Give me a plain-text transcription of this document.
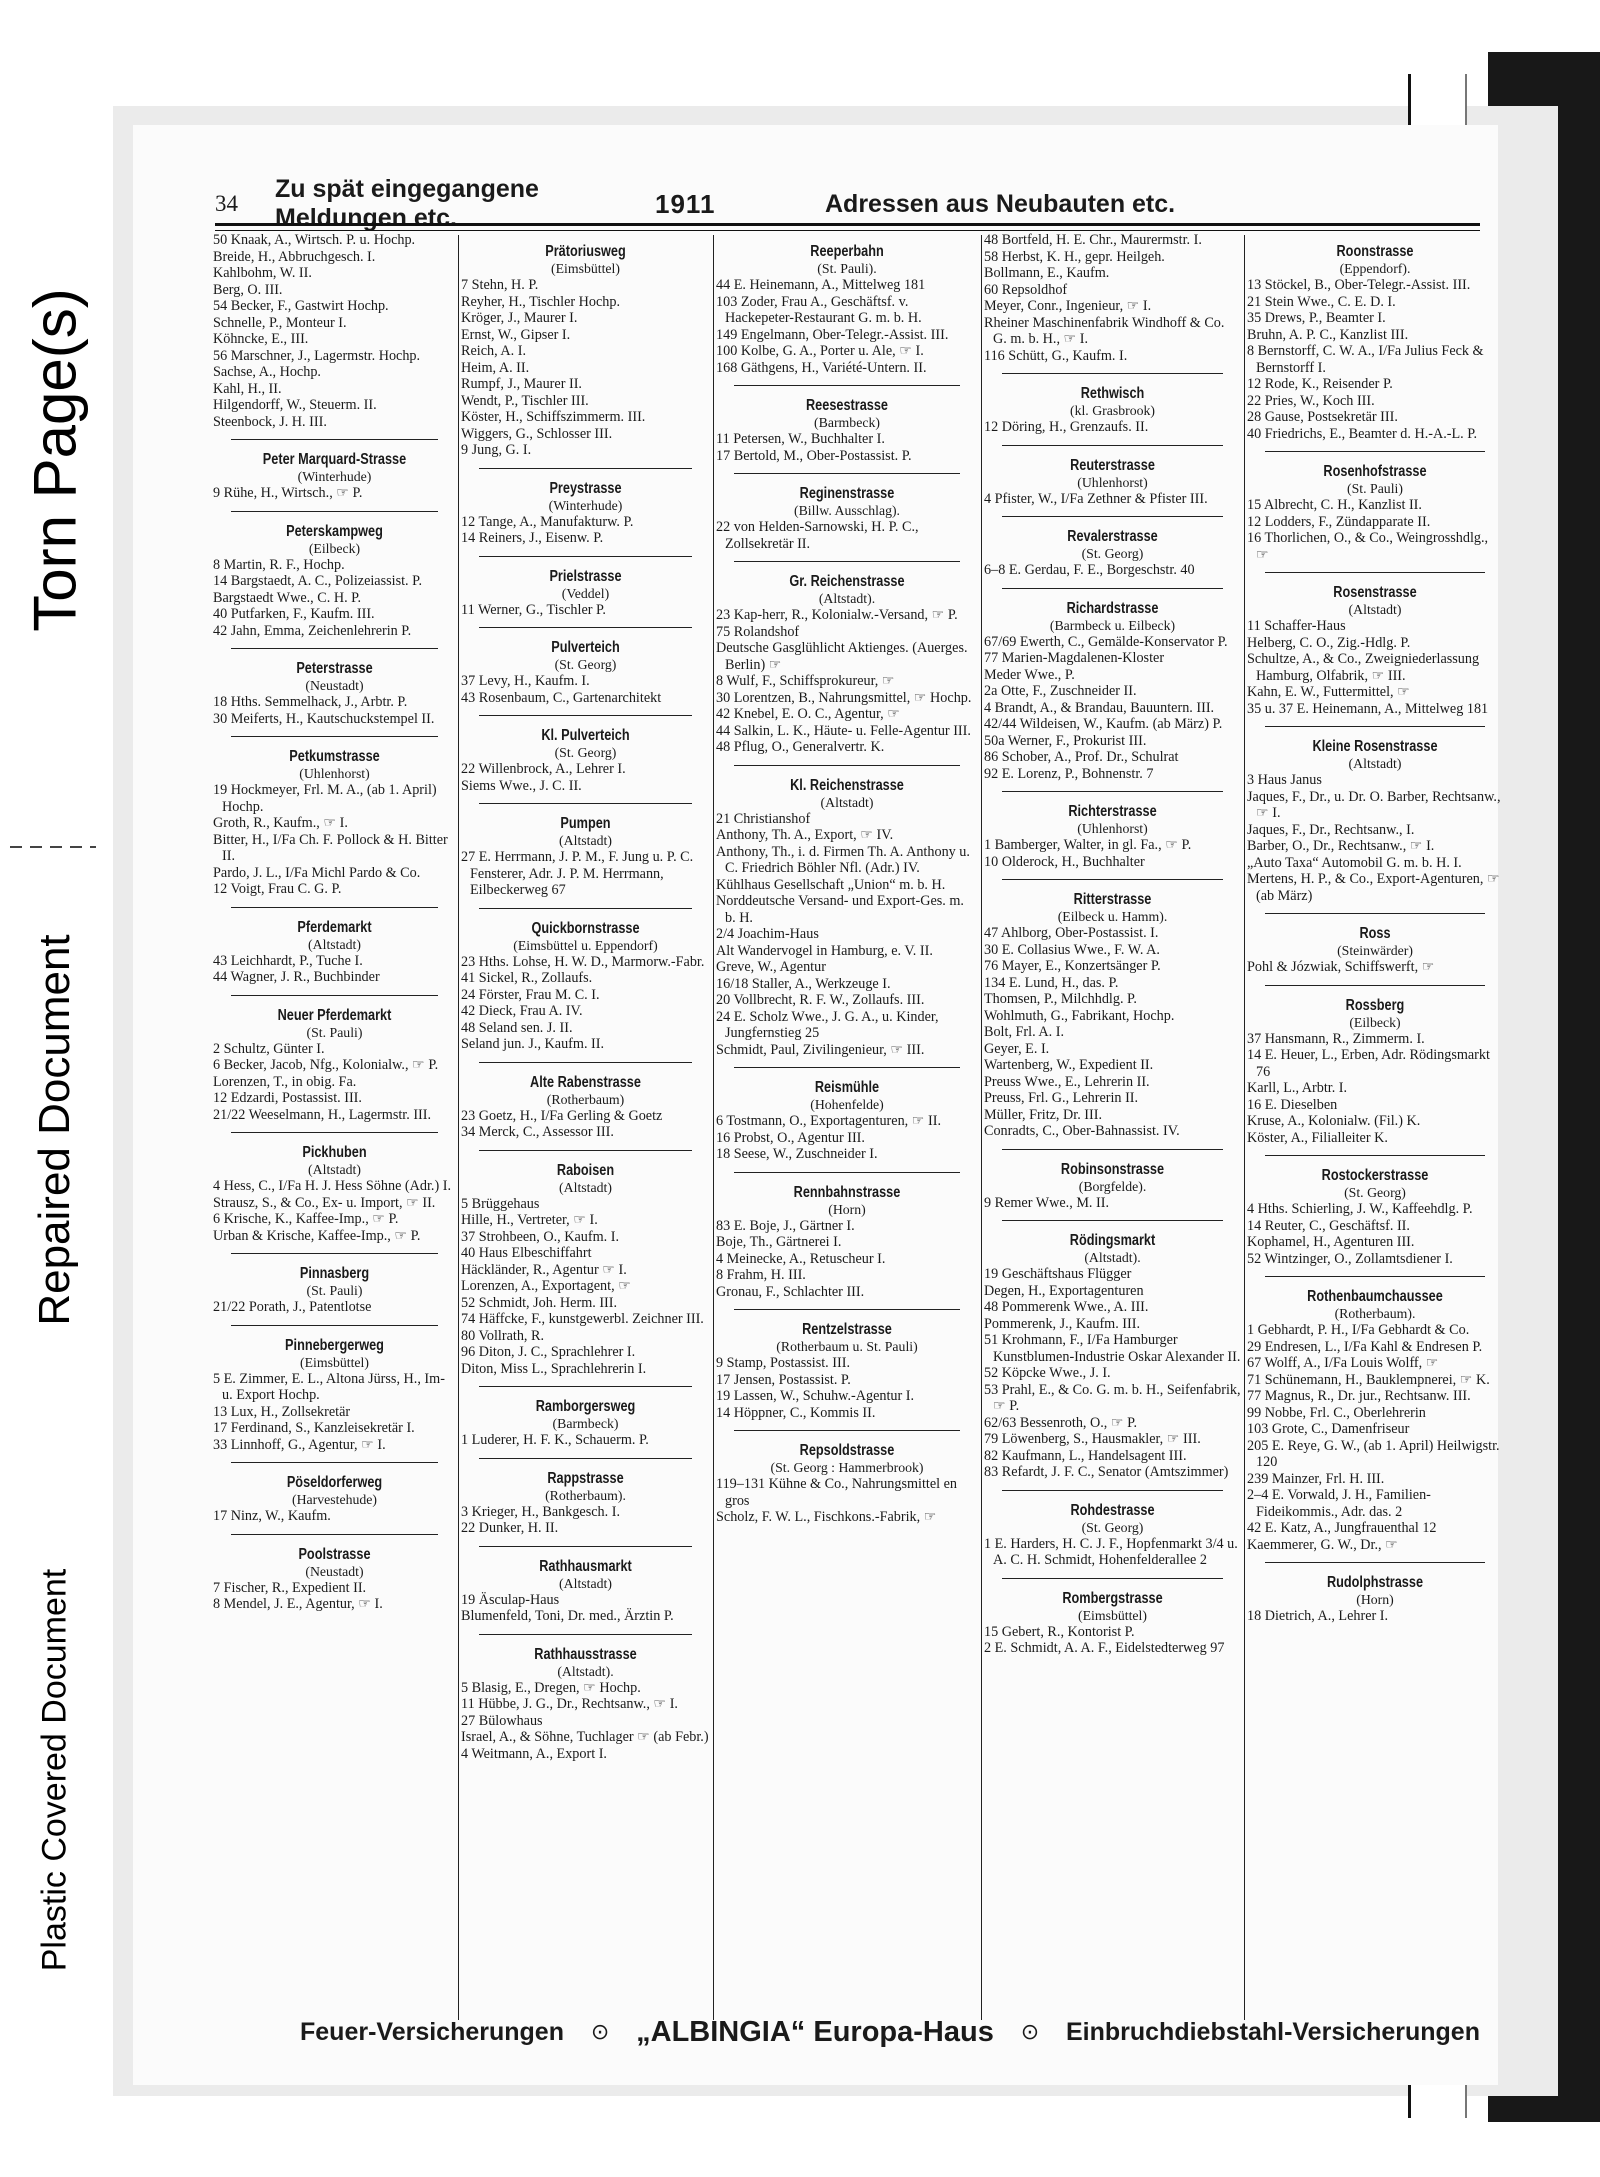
Torn Page(s)
Repaired Document
Plastic Covered Document
34
Zu spät eingegangene Meldungen etc.	1911	Adressen aus Neubauten etc.
50 Knaak, A., Wirtsch. P. u. Hochp.
Breide, H., Abbruchgesch. I.
Kahlbohm, W. II.
Berg, O. III.
54 Becker, F., Gastwirt Hochp.
Schnelle, P., Monteur I.
Köhncke, E., III.
56 Marschner, J., Lagermstr. Hochp.
Sachse, A., Hochp.
Kahl, H., II.
Hilgendorff, W., Steuerm. II.
Steenbock, J. H. III.
Peter Marquard-Strasse
(Winterhude)
9 Rühe, H., Wirtsch., ☞ P.
Peterskampweg
(Eilbeck)
8 Martin, R. F., Hochp.
14 Bargstaedt, A. C., Polizeiassist. P.
Bargstaedt Wwe., C. H. P.
40 Putfarken, F., Kaufm. III.
42 Jahn, Emma, Zeichenlehrerin P.
Peterstrasse
(Neustadt)
18 Hths. Semmelhack, J., Arbtr. P.
30 Meiferts, H., Kautschuckstempel II.
Petkumstrasse
(Uhlenhorst)
19 Hockmeyer, Frl. M. A., (ab 1. April) Hochp.
Groth, R., Kaufm., ☞ I.
Bitter, H., I/Fa Ch. F. Pollock & H. Bitter II.
Pardo, J. L., I/Fa Michl Pardo & Co.
12 Voigt, Frau C. G. P.
Pferdemarkt
(Altstadt)
43 Leichhardt, P., Tuche I.
44 Wagner, J. R., Buchbinder
Neuer Pferdemarkt
(St. Pauli)
2 Schultz, Günter I.
6 Becker, Jacob, Nfg., Kolonialw., ☞ P.
Lorenzen, T., in obig. Fa.
12 Edzardi, Postassist. III.
21/22 Weeselmann, H., Lagermstr. III.
Pickhuben
(Altstadt)
4 Hess, C., I/Fa H. J. Hess Söhne (Adr.) I.
Strausz, S., & Co., Ex- u. Import, ☞ II.
6 Krische, K., Kaffee-Imp., ☞ P.
Urban & Krische, Kaffee-Imp., ☞ P.
Pinnasberg
(St. Pauli)
21/22 Porath, J., Patentlotse
Pinnebergerweg
(Eimsbüttel)
5 E. Zimmer, E. L., Altona Jürss, H., Im- u. Export Hochp.
13 Lux, H., Zollsekretär
17 Ferdinand, S., Kanzleisekretär I.
33 Linnhoff, G., Agentur, ☞ I.
Pöseldorferweg
(Harvestehude)
17 Ninz, W., Kaufm.
Poolstrasse
(Neustadt)
7 Fischer, R., Expedient II.
8 Mendel, J. E., Agentur, ☞ I.
Prätoriusweg
(Eimsbüttel)
7 Stehn, H. P.
Reyher, H., Tischler Hochp.
Kröger, J., Maurer I.
Ernst, W., Gipser I.
Reich, A. I.
Heim, A. II.
Rumpf, J., Maurer II.
Wendt, P., Tischler III.
Köster, H., Schiffszimmerm. III.
Wiggers, G., Schlosser III.
9 Jung, G. I.
Preystrasse
(Winterhude)
12 Tange, A., Manufakturw. P.
14 Reiners, J., Eisenw. P.
Prielstrasse
(Veddel)
11 Werner, G., Tischler P.
Pulverteich
(St. Georg)
37 Levy, H., Kaufm. I.
43 Rosenbaum, C., Gartenarchitekt
Kl. Pulverteich
(St. Georg)
22 Willenbrock, A., Lehrer I.
Siems Wwe., J. C. II.
Pumpen
(Altstadt)
27 E. Herrmann, J. P. M., F. Jung u. P. C. Fensterer, Adr. J. P. M. Herrmann, Eilbeckerweg 67
Quickbornstrasse
(Eimsbüttel u. Eppendorf)
23 Hths. Lohse, H. W. D., Marmorw.-Fabr.
41 Sickel, R., Zollaufs.
24 Förster, Frau M. C. I.
42 Dieck, Frau A. IV.
48 Seland sen. J. II.
Seland jun. J., Kaufm. II.
Alte Rabenstrasse
(Rotherbaum)
23 Goetz, H., I/Fa Gerling & Goetz
34 Merck, C., Assessor III.
Raboisen
(Altstadt)
5 Brüggehaus
Hille, H., Vertreter, ☞ I.
37 Strohbeen, O., Kaufm. I.
40 Haus Elbeschiffahrt
Häckländer, R., Agentur ☞ I.
Lorenzen, A., Exportagent, ☞
52 Schmidt, Joh. Herm. III.
74 Häffcke, F., kunstgewerbl. Zeichner III.
80 Vollrath, R.
96 Diton, J. C., Sprachlehrer I.
Diton, Miss L., Sprachlehrerin I.
Ramborgersweg
(Barmbeck)
1 Luderer, H. F. K., Schauerm. P.
Rappstrasse
(Rotherbaum).
3 Krieger, H., Bankgesch. I.
22 Dunker, H. II.
Rathhausmarkt
(Altstadt)
19 Äsculap-Haus
Blumenfeld, Toni, Dr. med., Ärztin P.
Rathhausstrasse
(Altstadt).
5 Blasig, E., Dregen, ☞ Hochp.
11 Hübbe, J. G., Dr., Rechtsanw., ☞ I.
27 Bülowhaus
Israel, A., & Söhne, Tuchlager ☞ (ab Febr.)
4 Weitmann, A., Export I.
Reeperbahn
(St. Pauli).
44 E. Heinemann, A., Mittelweg 181
103 Zoder, Frau A., Geschäftsf. v. Hackepeter-Restaurant G. m. b. H.
149 Engelmann, Ober-Telegr.-Assist. III.
100 Kolbe, G. A., Porter u. Ale, ☞ I.
168 Gäthgens, H., Variété-Untern. II.
Reesestrasse
(Barmbeck)
11 Petersen, W., Buchhalter I.
17 Bertold, M., Ober-Postassist. P.
Reginenstrasse
(Billw. Ausschlag).
22 von Helden-Sarnowski, H. P. C., Zollsekretär II.
Gr. Reichenstrasse
(Altstadt).
23 Kap-herr, R., Kolonialw.-Versand, ☞ P.
75 Rolandshof
Deutsche Gasglühlicht Aktienges. (Auerges. Berlin) ☞
8 Wulf, F., Schiffsprokureur, ☞
30 Lorentzen, B., Nahrungsmittel, ☞ Hochp.
42 Knebel, E. O. C., Agentur, ☞
44 Salkin, L. K., Häute- u. Felle-Agentur III.
48 Pflug, O., Generalvertr. K.
Kl. Reichenstrasse
(Altstadt)
21 Christianshof
Anthony, Th. A., Export, ☞ IV.
Anthony, Th., i. d. Firmen Th. A. Anthony u. C. Friedrich Böhler Nfl. (Adr.) IV.
Kühlhaus Gesellschaft „Union“ m. b. H.
Norddeutsche Versand- und Export-Ges. m. b. H.
2/4 Joachim-Haus
Alt Wandervogel in Hamburg, e. V. II.
Greve, W., Agentur
16/18 Staller, A., Werkzeuge I.
20 Vollbrecht, R. F. W., Zollaufs. III.
24 E. Scholz Wwe., J. G. A., u. Kinder, Jungfernstieg 25
Schmidt, Paul, Zivilingenieur, ☞ III.
Reismühle
(Hohenfelde)
6 Tostmann, O., Exportagenturen, ☞ II.
16 Probst, O., Agentur III.
18 Seese, W., Zuschneider I.
Rennbahnstrasse
(Horn)
83 E. Boje, J., Gärtner I.
Boje, Th., Gärtnerei I.
4 Meinecke, A., Retuscheur I.
8 Frahm, H. III.
Gronau, F., Schlachter III.
Rentzelstrasse
(Rotherbaum u. St. Pauli)
9 Stamp, Postassist. III.
17 Jensen, Postassist. P.
19 Lassen, W., Schuhw.-Agentur I.
14 Höppner, C., Kommis II.
Repsoldstrasse
(St. Georg : Hammerbrook)
119–131 Kühne & Co., Nahrungsmittel en gros
Scholz, F. W. L., Fischkons.-Fabrik, ☞
48 Bortfeld, H. E. Chr., Maurermstr. I.
58 Herbst, K. H., gepr. Heilgeh.
Bollmann, E., Kaufm.
60 Repsoldhof
Meyer, Conr., Ingenieur, ☞ I.
Rheiner Maschinenfabrik Windhoff & Co. G. m. b. H., ☞ I.
116 Schütt, G., Kaufm. I.
Rethwisch
(kl. Grasbrook)
12 Döring, H., Grenzaufs. II.
Reuterstrasse
(Uhlenhorst)
4 Pfister, W., I/Fa Zethner & Pfister III.
Revalerstrasse
(St. Georg)
6–8 E. Gerdau, F. E., Borgeschstr. 40
Richardstrasse
(Barmbeck u. Eilbeck)
67/69 Ewerth, C., Gemälde-Konservator P.
77 Marien-Magdalenen-Kloster
Meder Wwe., P.
2a Otte, F., Zuschneider II.
4 Brandt, A., & Brandau, Bauuntern. III.
42/44 Wildeisen, W., Kaufm. (ab März) P.
50a Werner, F., Prokurist III.
86 Schober, A., Prof. Dr., Schulrat
92 E. Lorenz, P., Bohnenstr. 7
Richterstrasse
(Uhlenhorst)
1 Bamberger, Walter, in gl. Fa., ☞ P.
10 Olderock, H., Buchhalter
Ritterstrasse
(Eilbeck u. Hamm).
47 Ahlborg, Ober-Postassist. I.
30 E. Collasius Wwe., F. W. A.
76 Mayer, E., Konzertsänger P.
134 E. Lund, H., das. P.
Thomsen, P., Milchhdlg. P.
Wohlmuth, G., Fabrikant, Hochp.
Bolt, Frl. A. I.
Geyer, E. I.
Wartenberg, W., Expedient II.
Preuss Wwe., E., Lehrerin II.
Preuss, Frl. G., Lehrerin II.
Müller, Fritz, Dr. III.
Conradts, C., Ober-Bahnassist. IV.
Robinsonstrasse
(Borgfelde).
9 Remer Wwe., M. II.
Rödingsmarkt
(Altstadt).
19 Geschäftshaus Flügger
Degen, H., Exportagenturen
48 Pommerenk Wwe., A. III.
Pommerenk, J., Kaufm. III.
51 Krohmann, F., I/Fa Hamburger Kunstblumen-Industrie Oskar Alexander II.
52 Köpcke Wwe., J. I.
53 Prahl, E., & Co. G. m. b. H., Seifenfabrik, ☞ P.
62/63 Bessenroth, O., ☞ P.
79 Löwenberg, S., Hausmakler, ☞ III.
82 Kaufmann, L., Handelsagent III.
83 Refardt, J. F. C., Senator (Amtszimmer)
Rohdestrasse
(St. Georg)
1 E. Harders, H. C. J. F., Hopfenmarkt 3/4 u. A. C. H. Schmidt, Hohenfelderallee 2
Rombergstrasse
(Eimsbüttel)
15 Gebert, R., Kontorist P.
2 E. Schmidt, A. A. F., Eidelstedterweg 97
Roonstrasse
(Eppendorf).
13 Stöckel, B., Ober-Telegr.-Assist. III.
21 Stein Wwe., C. E. D. I.
35 Drews, P., Beamter I.
Bruhn, A. P. C., Kanzlist III.
8 Bernstorff, C. W. A., I/Fa Julius Feck & Bernstorff I.
12 Rode, K., Reisender P.
22 Pries, W., Koch III.
28 Gause, Postsekretär III.
40 Friedrichs, E., Beamter d. H.-A.-L. P.
Rosenhofstrasse
(St. Pauli)
15 Albrecht, C. H., Kanzlist II.
12 Lodders, F., Zündapparate II.
16 Thorlichen, O., & Co., Weingrosshdlg., ☞
Rosenstrasse
(Altstadt)
11 Schaffer-Haus
Helberg, C. O., Zig.-Hdlg. P.
Schultze, A., & Co., Zweigniederlassung Hamburg, Olfabrik, ☞ III.
Kahn, E. W., Futtermittel, ☞
35 u. 37 E. Heinemann, A., Mittelweg 181
Kleine Rosenstrasse
(Altstadt)
3 Haus Janus
Jaques, F., Dr., u. Dr. O. Barber, Rechtsanw., ☞ I.
Jaques, F., Dr., Rechtsanw., I.
Barber, O., Dr., Rechtsanw., ☞ I.
„Auto Taxa“ Automobil G. m. b. H. I.
Mertens, H. P., & Co., Export-Agenturen, ☞ (ab März)
Ross
(Steinwärder)
Pohl & Józwiak, Schiffswerft, ☞
Rossberg
(Eilbeck)
37 Hansmann, R., Zimmerm. I.
14 E. Heuer, L., Erben, Adr. Rödingsmarkt 76
Karll, L., Arbtr. I.
16 E. Dieselben
Kruse, A., Kolonialw. (Fil.) K.
Köster, A., Filialleiter K.
Rostockerstrasse
(St. Georg)
4 Hths. Schierling, J. W., Kaffeehdlg. P.
14 Reuter, C., Geschäftsf. II.
Kophamel, H., Agenturen III.
52 Wintzinger, O., Zollamtsdiener I.
Rothenbaumchaussee
(Rotherbaum).
1 Gebhardt, P. H., I/Fa Gebhardt & Co.
29 Endresen, L., I/Fa Kahl & Endresen P.
67 Wolff, A., I/Fa Louis Wolff, ☞
71 Schünemann, H., Bauklempnerei, ☞ K.
77 Magnus, R., Dr. jur., Rechtsanw. III.
99 Nobbe, Frl. C., Oberlehrerin
103 Grote, C., Damenfriseur
205 E. Reye, G. W., (ab 1. April) Heilwigstr. 120
239 Mainzer, Frl. H. III.
2–4 E. Vorwald, J. H., Familien-Fideikommis., Adr. das. 2
42 E. Katz, A., Jungfrauenthal 12
Kaemmerer, G. W., Dr., ☞
Rudolphstrasse
(Horn)
18 Dietrich, A., Lehrer I.
Feuer-Versicherungen ⊙ „ALBINGIA“ Europa-Haus ⊙ Einbruchdiebstahl-Versicherungen
